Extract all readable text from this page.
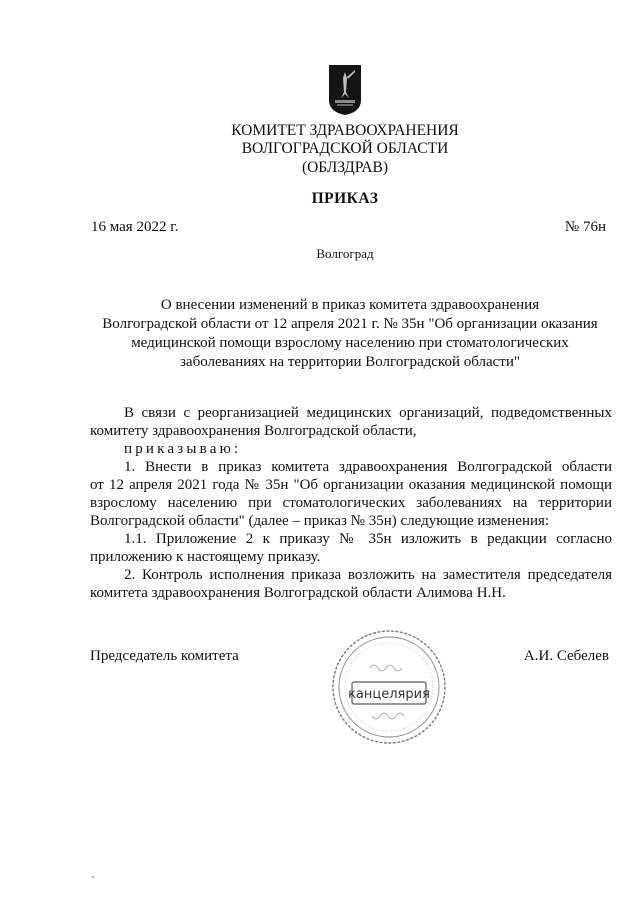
КОМИТЕТ ЗДРАВООХРАНЕНИЯ
ВОЛГОГРАДСКОЙ ОБЛАСТИ
(ОБЛЗДРАВ)
ПРИКАЗ
16 мая 2022 г.	№ 76н
Волгоград
О внесении изменений в приказ комитета здравоохранения
Волгоградской области от 12 апреля 2021 г. № 35н "Об организации оказания
медицинской помощи взрослому населению при стоматологических
заболеваниях на территории Волгоградской области"
В связи с реорганизацией медицинских организаций, подведомственных
комитету здравоохранения Волгоградской области,
приказываю:
1. Внести в приказ комитета здравоохранения Волгоградской области
от 12 апреля 2021 года № 35н "Об организации оказания медицинской помощи
взрослому населению при стоматологических заболеваниях на территории
Волгоградской области" (далее – приказ № 35н) следующие изменения:
1.1. Приложение 2 к приказу № 35н изложить в редакции согласно
приложению к настоящему приказу.
2. Контроль исполнения приказа возложить на заместителя председателя
комитета здравоохранения Волгоградской области Алимова Н.Н.
Председатель комитета	А.И. Себелев
канцелярия
